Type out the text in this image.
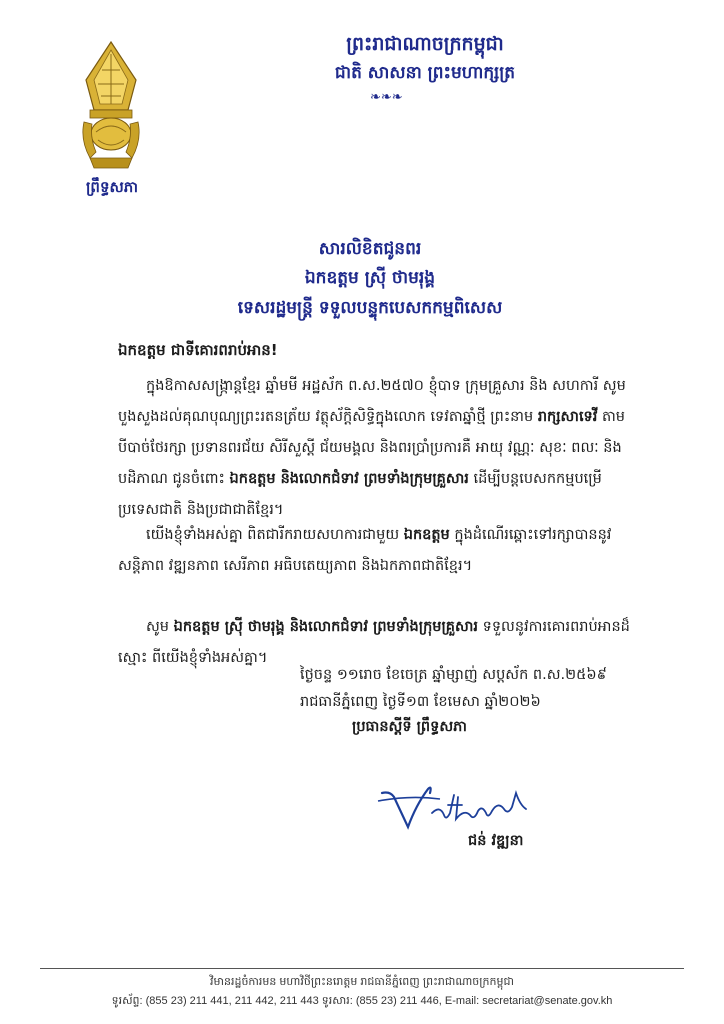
ព្រឹទ្ធសភា
ព្រះរាជាណាចក្រកម្ពុជា
ជាតិ សាសនា ព្រះមហាក្សត្រ
❧❧❧
សារលិខិតជូនពរ
ឯកឧត្តម ស្រ៊ី ថាមរុង្គ
ទេសរដ្ឋមន្ត្រី ទទួលបន្ទុកបេសកកម្មពិសេស
ឯកឧត្តម ជាទីគោរពរាប់អាន!

ក្នុងឱកាសសង្ក្រាន្តខ្មែរ ឆ្នាំមមី អដ្ឋស័ក ព.ស.២៥៧០ ខ្ញុំបាទ ក្រុមគ្រួសារ និង សហការី សូមបួងសួងដល់គុណបុណ្យព្រះរតនត្រ័យ វត្ថុស័ក្តិសិទ្ធិក្នុងលោក ទេវតាឆ្នាំថ្មី ព្រះនាម រាក្សសាទេវី តាមបីបាច់ថែរក្សា ប្រទានពរជ័យ សិរីសួស្តី ជ័យមង្គល និងពរប្រាំប្រការគឺ អាយុ វណ្ណៈ សុខៈ ពលៈ និងបដិភាណ ជូនចំពោះ ឯកឧត្តម និងលោកជំទាវ ព្រមទាំងក្រុមគ្រួសារ ដើម្បីបន្តបេសកកម្មបម្រើប្រទេសជាតិ និងប្រជាជាតិខ្មែរ។

យើងខ្ញុំទាំងអស់គ្នា ពិតជារីករាយសហការជាមួយ ឯកឧត្តម ក្នុងដំណើរឆ្ពោះទៅរក្សាបាននូវសន្តិភាព វឌ្ឍនភាព សេរីភាព អធិបតេយ្យភាព និងឯកភាពជាតិខ្មែរ។

សូម ឯកឧត្តម ស្រ៊ី ថាមរុង្គ និងលោកជំទាវ ព្រមទាំងក្រុមគ្រួសារ ទទួលនូវការគោរពរាប់អានដ៏ស្មោះ ពីយើងខ្ញុំទាំងអស់គ្នា។

ថ្ងៃចន្ទ ១១រោច ខែចេត្រ ឆ្នាំម្សាញ់ សប្តស័ក ព.ស.២៥៦៩
រាជធានីភ្នំពេញ ថ្ងៃទី១៣ ខែមេសា ឆ្នាំ២០២៦
ប្រធានស្តីទី ព្រឹទ្ធសភា
ជន់ វឌ្ឍនា
វិមានរដ្ឋចំការមន មហាវិថីព្រះនរោត្តម រាជធានីភ្នំពេញ ព្រះរាជាណាចក្រកម្ពុជា
ទូរស័ព្ទ: (855 23) 211 441, 211 442, 211 443 ទូរសារ: (855 23) 211 446, E-mail: secretariat@senate.gov.kh
